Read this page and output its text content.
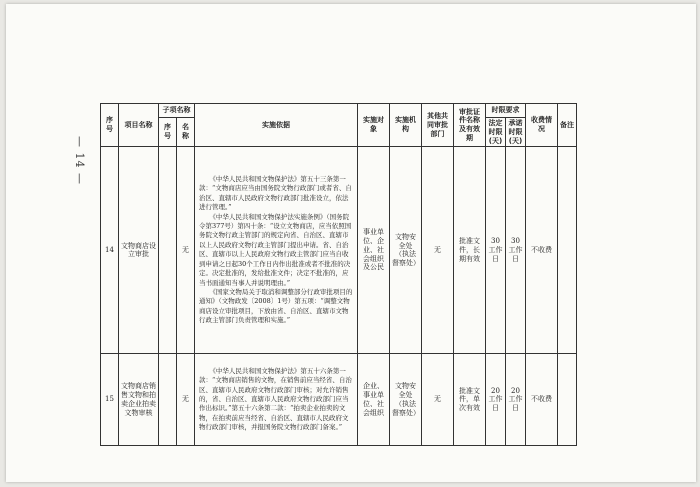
— 14 —
序号	项目名称	子项名称		实施依据	实施对象	实施机构	其他共同审批部门	审批证件名称及有效期	时限要求		收费情况	备注	
		序号	名称						法定时限(天)	承诺时限(天)			
14	文物商店设立审批		无	《中华人民共和国文物保护法》第五十三条第一款：“文物商店应当由国务院文物行政部门或者省、自治区、直辖市人民政府文物行政部门批准设立，依法进行管理。”

《中华人民共和国文物保护法实施条例》（国务院令第377号）第四十条：“设立文物商店，应当依照国务院文物行政主管部门的规定向省、自治区、直辖市以上人民政府文物行政主管部门提出申请。省、自治区、直辖市以上人民政府文物行政主管部门应当自收到申请之日起30个工作日内作出批准或者不批准的决定。决定批准的，发给批准文件；决定不批准的，应当书面通知当事人并说明理由。”

《国家文物局关于取消和调整部分行政审批项目的通知》（文物政发〔2008〕1号）第五项：“调整文物商店设立审批项目，下放由省、自治区、直辖市文物行政主管部门负责管理和实施。”	事业单位、企业、社会组织及公民	文物安全处（执法督察处）	无	批准文件，长期有效	30 工作日	30 工作日	不收费		
15	文物商店销售文物和拍卖企业拍卖文物审核		无	《中华人民共和国文物保护法》第五十六条第一款：“文物商店销售的文物，在销售前应当经省、自治区、直辖市人民政府文物行政部门审核；对允许销售的，省、自治区、直辖市人民政府文物行政部门应当作出标识。”第五十六条第二款：“拍卖企业拍卖的文物，在拍卖前应当经省、自治区、直辖市人民政府文物行政部门审核，并报国务院文物行政部门备案。”	企业、事业单位、社会组织	文物安全处（执法督察处）	无	批准文件，单次有效	20 工作日	20 工作日	不收费		
